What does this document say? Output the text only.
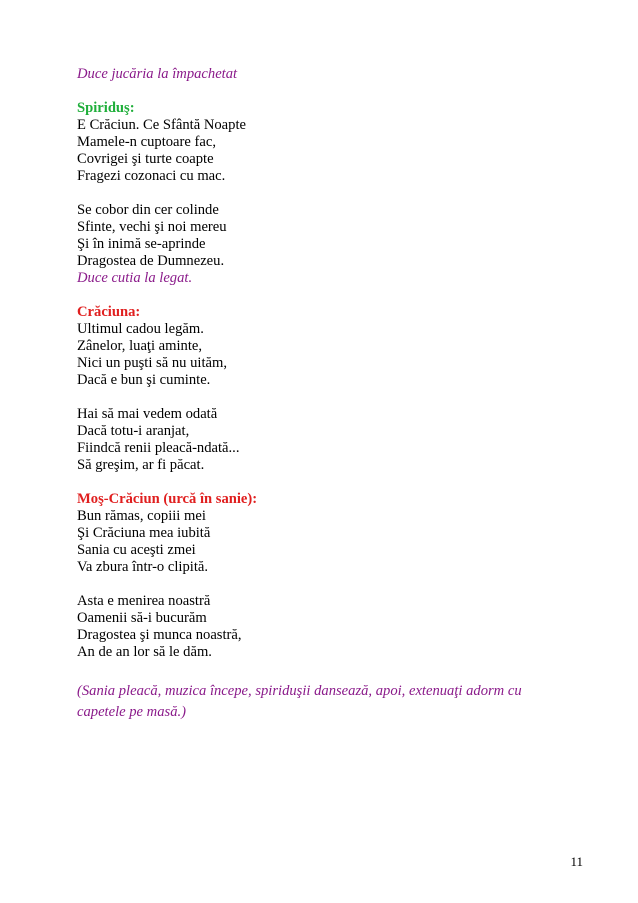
Duce jucăria la împachetat
Spiriduş:
E Crăciun. Ce Sfântă Noapte
Mamele-n cuptoare fac,
Covrigei şi turte coapte
Fragezi cozonaci cu mac.
Se cobor din cer colinde
Sfinte, vechi şi noi mereu
Şi în inimă se-aprinde
Dragostea de Dumnezeu.
Duce cutia la legat.
Crăciuna:
Ultimul cadou legăm.
Zânelor, luaţi aminte,
Nici un puşti să nu uităm,
Dacă e bun şi cuminte.
Hai să mai vedem odată
Dacă totu-i aranjat,
Fiindcă renii pleacă-ndată...
Să greşim, ar fi păcat.
Moş-Crăciun (urcă în sanie):
Bun rămas, copiii mei
Şi Crăciuna mea iubită
Sania cu aceşti zmei
Va zbura într-o clipită.
Asta e menirea noastră
Oamenii să-i bucurăm
Dragostea şi munca noastră,
An de an lor să le dăm.
(Sania pleacă, muzica începe, spiriduşii dansează, apoi, extenuaţi adorm cu
capetele pe masă.)
11
